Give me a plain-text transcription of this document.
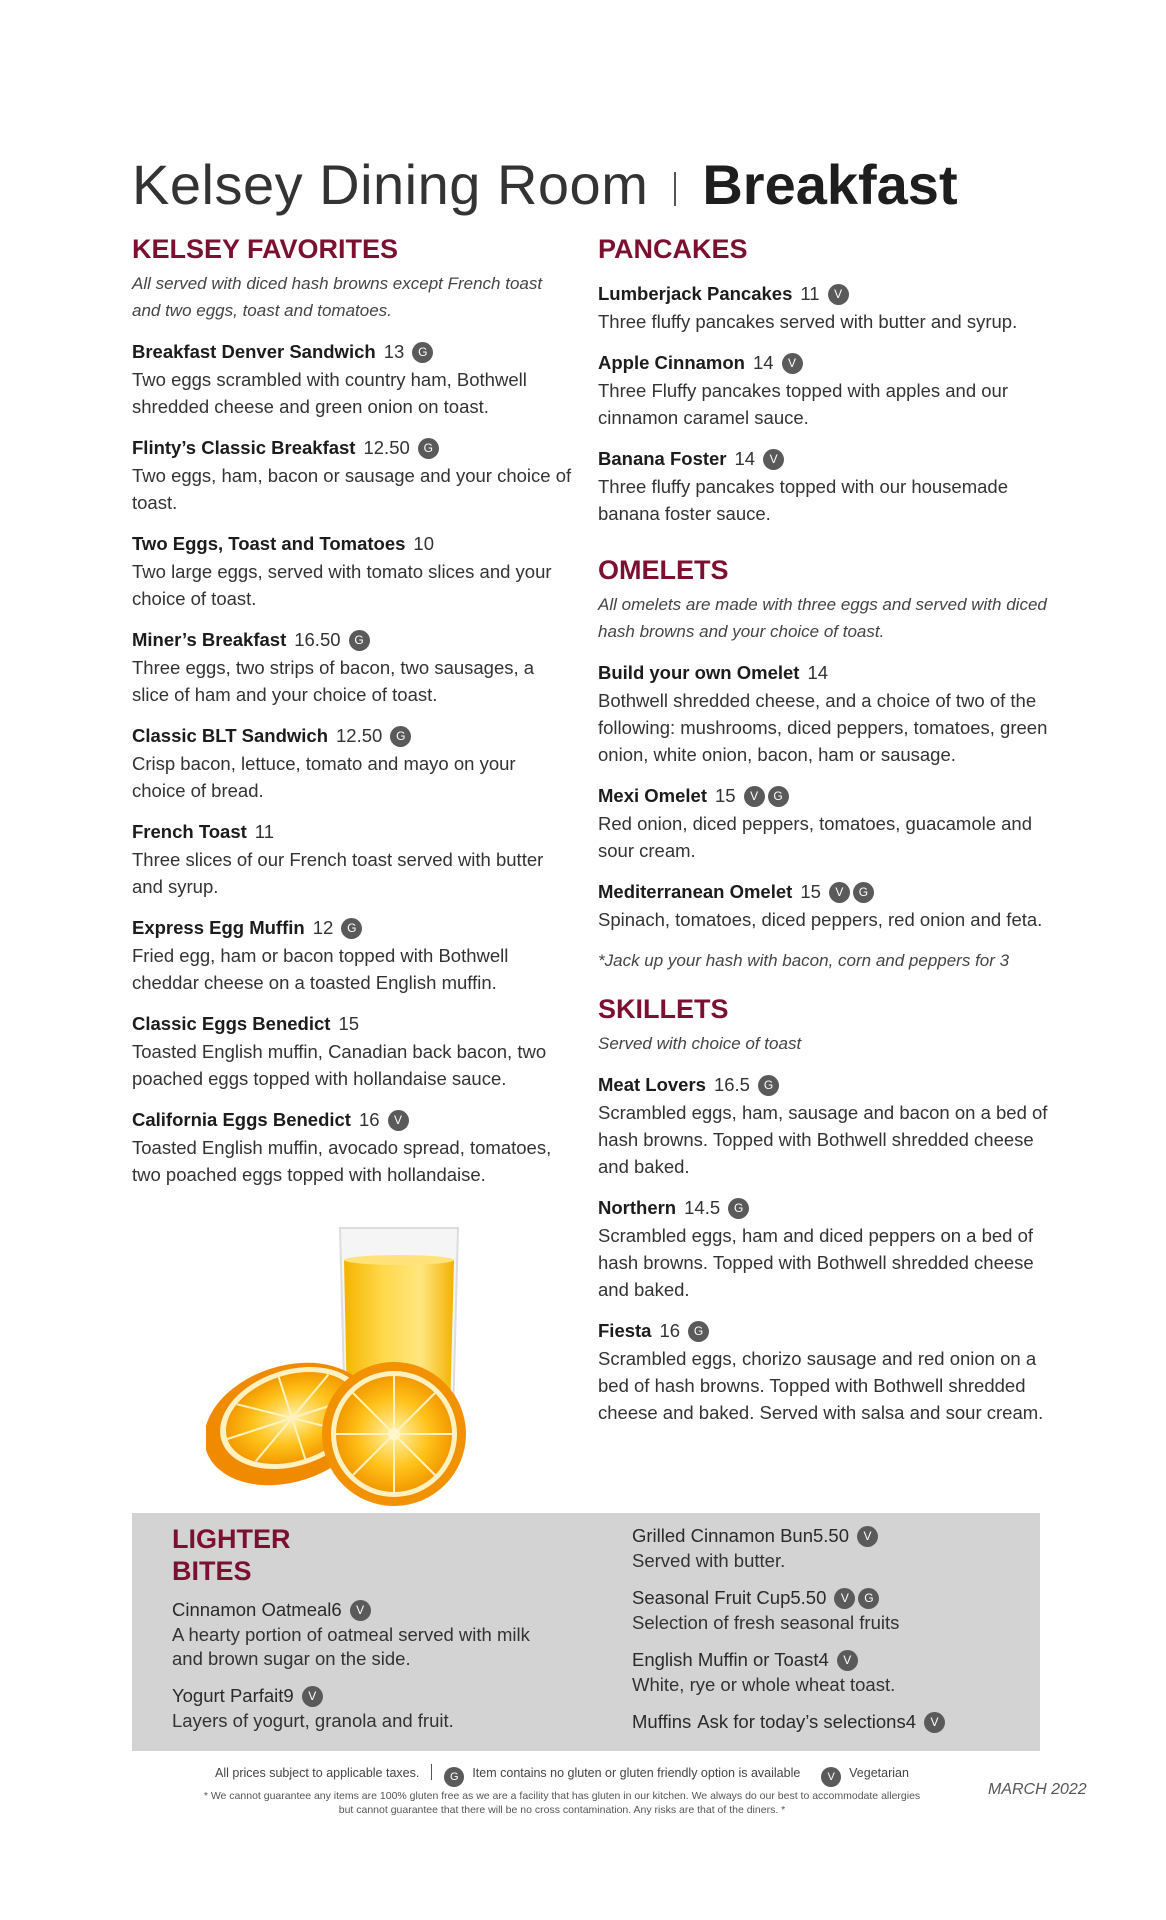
Kelsey Dining Room Breakfast
KELSEY FAVORITES

All served with diced hash browns except French toast and two eggs, toast and tomatoes.

Breakfast Denver Sandwich 13 G
Two eggs scrambled with country ham, Bothwell shredded cheese and green onion on toast.
Flinty’s Classic Breakfast 12.50 G
Two eggs, ham, bacon or sausage and your choice of toast.
Two Eggs, Toast and Tomatoes 10
Two large eggs, served with tomato slices and your choice of toast.
Miner’s Breakfast 16.50 G
Three eggs, two strips of bacon, two sausages, a slice of ham and your choice of toast.
Classic BLT Sandwich 12.50 G
Crisp bacon, lettuce, tomato and mayo on your choice of bread.
French Toast 11
Three slices of our French toast served with butter and syrup.
Express Egg Muffin 12 G
Fried egg, ham or bacon topped with Bothwell cheddar cheese on a toasted English muffin.
Classic Eggs Benedict 15
Toasted English muffin, Canadian back bacon, two poached eggs topped with hollandaise sauce.
California Eggs Benedict 16 V
Toasted English muffin, avocado spread, tomatoes, two poached eggs topped with hollandaise.
PANCAKES
Lumberjack Pancakes 11 V
Three fluffy pancakes served with butter and syrup.
Apple Cinnamon 14 V
Three Fluffy pancakes topped with apples and our cinnamon caramel sauce.
Banana Foster 14 V
Three fluffy pancakes topped with our housemade banana foster sauce.
OMELETS

All omelets are made with three eggs and served with diced hash browns and your choice of toast.

Build your own Omelet 14
Bothwell shredded cheese, and a choice of two of the following: mushrooms, diced peppers, tomatoes, green onion, white onion, bacon, ham or sausage.
Mexi Omelet 15 V G
Red onion, diced peppers, tomatoes, guacamole and sour cream.
Mediterranean Omelet 15 V G
Spinach, tomatoes, diced peppers, red onion and feta.

*Jack up your hash with bacon, corn and peppers for 3

SKILLETS

Served with choice of toast

Meat Lovers 16.5 G
Scrambled eggs, ham, sausage and bacon on a bed of hash browns. Topped with Bothwell shredded cheese and baked.
Northern 14.5 G
Scrambled eggs, ham and diced peppers on a bed of hash browns. Topped with Bothwell shredded cheese and baked.
Fiesta 16 G
Scrambled eggs, chorizo sausage and red onion on a bed of hash browns. Topped with Bothwell shredded cheese and baked. Served with salsa and sour cream.
LIGHTER BITES
Cinnamon Oatmeal6 V
A hearty portion of oatmeal served with milk and brown sugar on the side.
Yogurt Parfait9 V
Layers of yogurt, granola and fruit.
Grilled Cinnamon Bun5.50 V
Served with butter.
Seasonal Fruit Cup5.50 V G
Selection of fresh seasonal fruits
English Muffin or Toast4 V
White, rye or whole wheat toast.
Muffins Ask for today’s selections4 V
All prices subject to applicable taxes.	G Item contains no gluten or gluten friendly option is available V Vegetarian
* We cannot guarantee any items are 100% gluten free as we are a facility that has gluten in our kitchen. We always do our best to accommodate allergies but cannot guarantee that there will be no cross contamination. Any risks are that of the diners. *
MARCH 2022
